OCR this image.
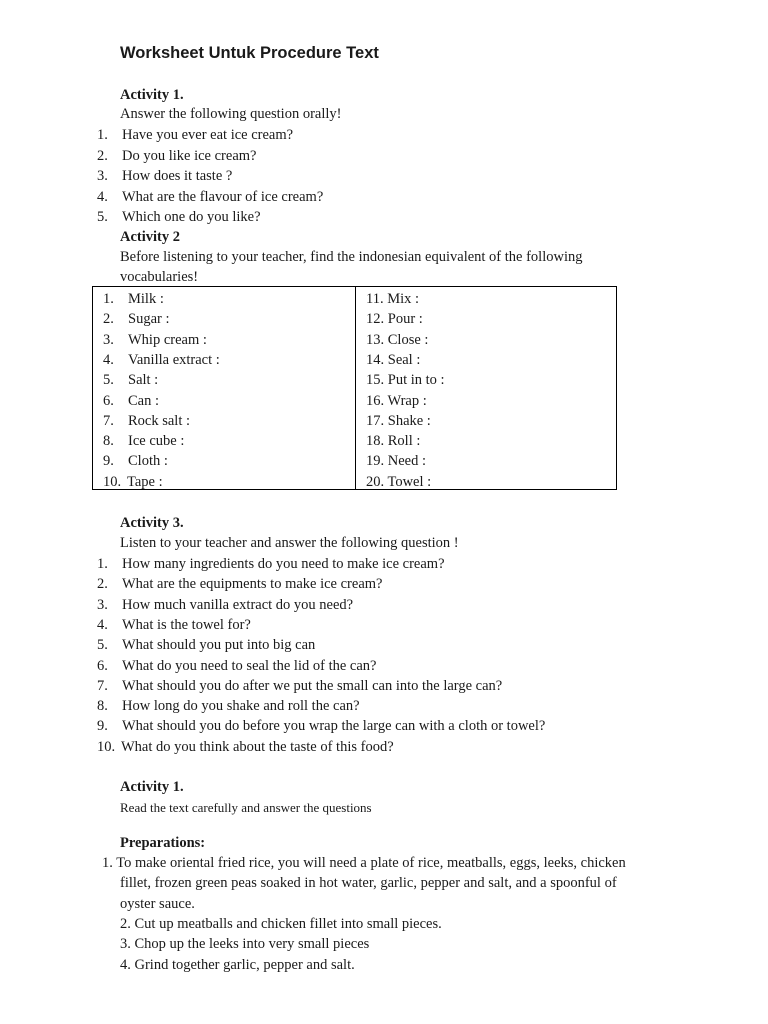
Worksheet Untuk Procedure Text
Activity 1.
Answer the following question orally!
1. Have you ever eat ice cream?
2. Do you like ice cream?
3. How does it taste ?
4. What are the flavour of ice cream?
5. Which one do you like?
Activity 2
Before listening to your teacher, find the indonesian equivalent of the following
vocabularies!
1. Milk :
2. Sugar :
3. Whip cream :
4. Vanilla extract :
5. Salt :
6. Can :
7. Rock salt :
8. Ice cube :
9. Cloth :
10. Tape :
11. Mix :
12. Pour :
13. Close :
14. Seal :
15. Put in to :
16. Wrap :
17. Shake :
18. Roll :
19. Need :
20. Towel :
Activity 3.
Listen to your teacher and answer the following question !
1. How many ingredients do you need to make ice cream?
2. What are the equipments to make ice cream?
3. How much vanilla extract do you need?
4. What is the towel for?
5. What should you put into big can
6. What do you need to seal the lid of the can?
7. What should you do after we put the small can into the large can?
8. How long do you shake and roll the can?
9. What should you do before you wrap the large can with a cloth or towel?
10. What do you think about the taste of this food?
Activity 1.
Read the text carefully and answer the questions
Preparations:
1. To make oriental fried rice, you will need a plate of rice, meatballs, eggs, leeks, chicken
fillet, frozen green peas soaked in hot water, garlic, pepper and salt, and a spoonful of
oyster sauce.
2. Cut up meatballs and chicken fillet into small pieces.
3. Chop up the leeks into very small pieces
4. Grind together garlic, pepper and salt.
